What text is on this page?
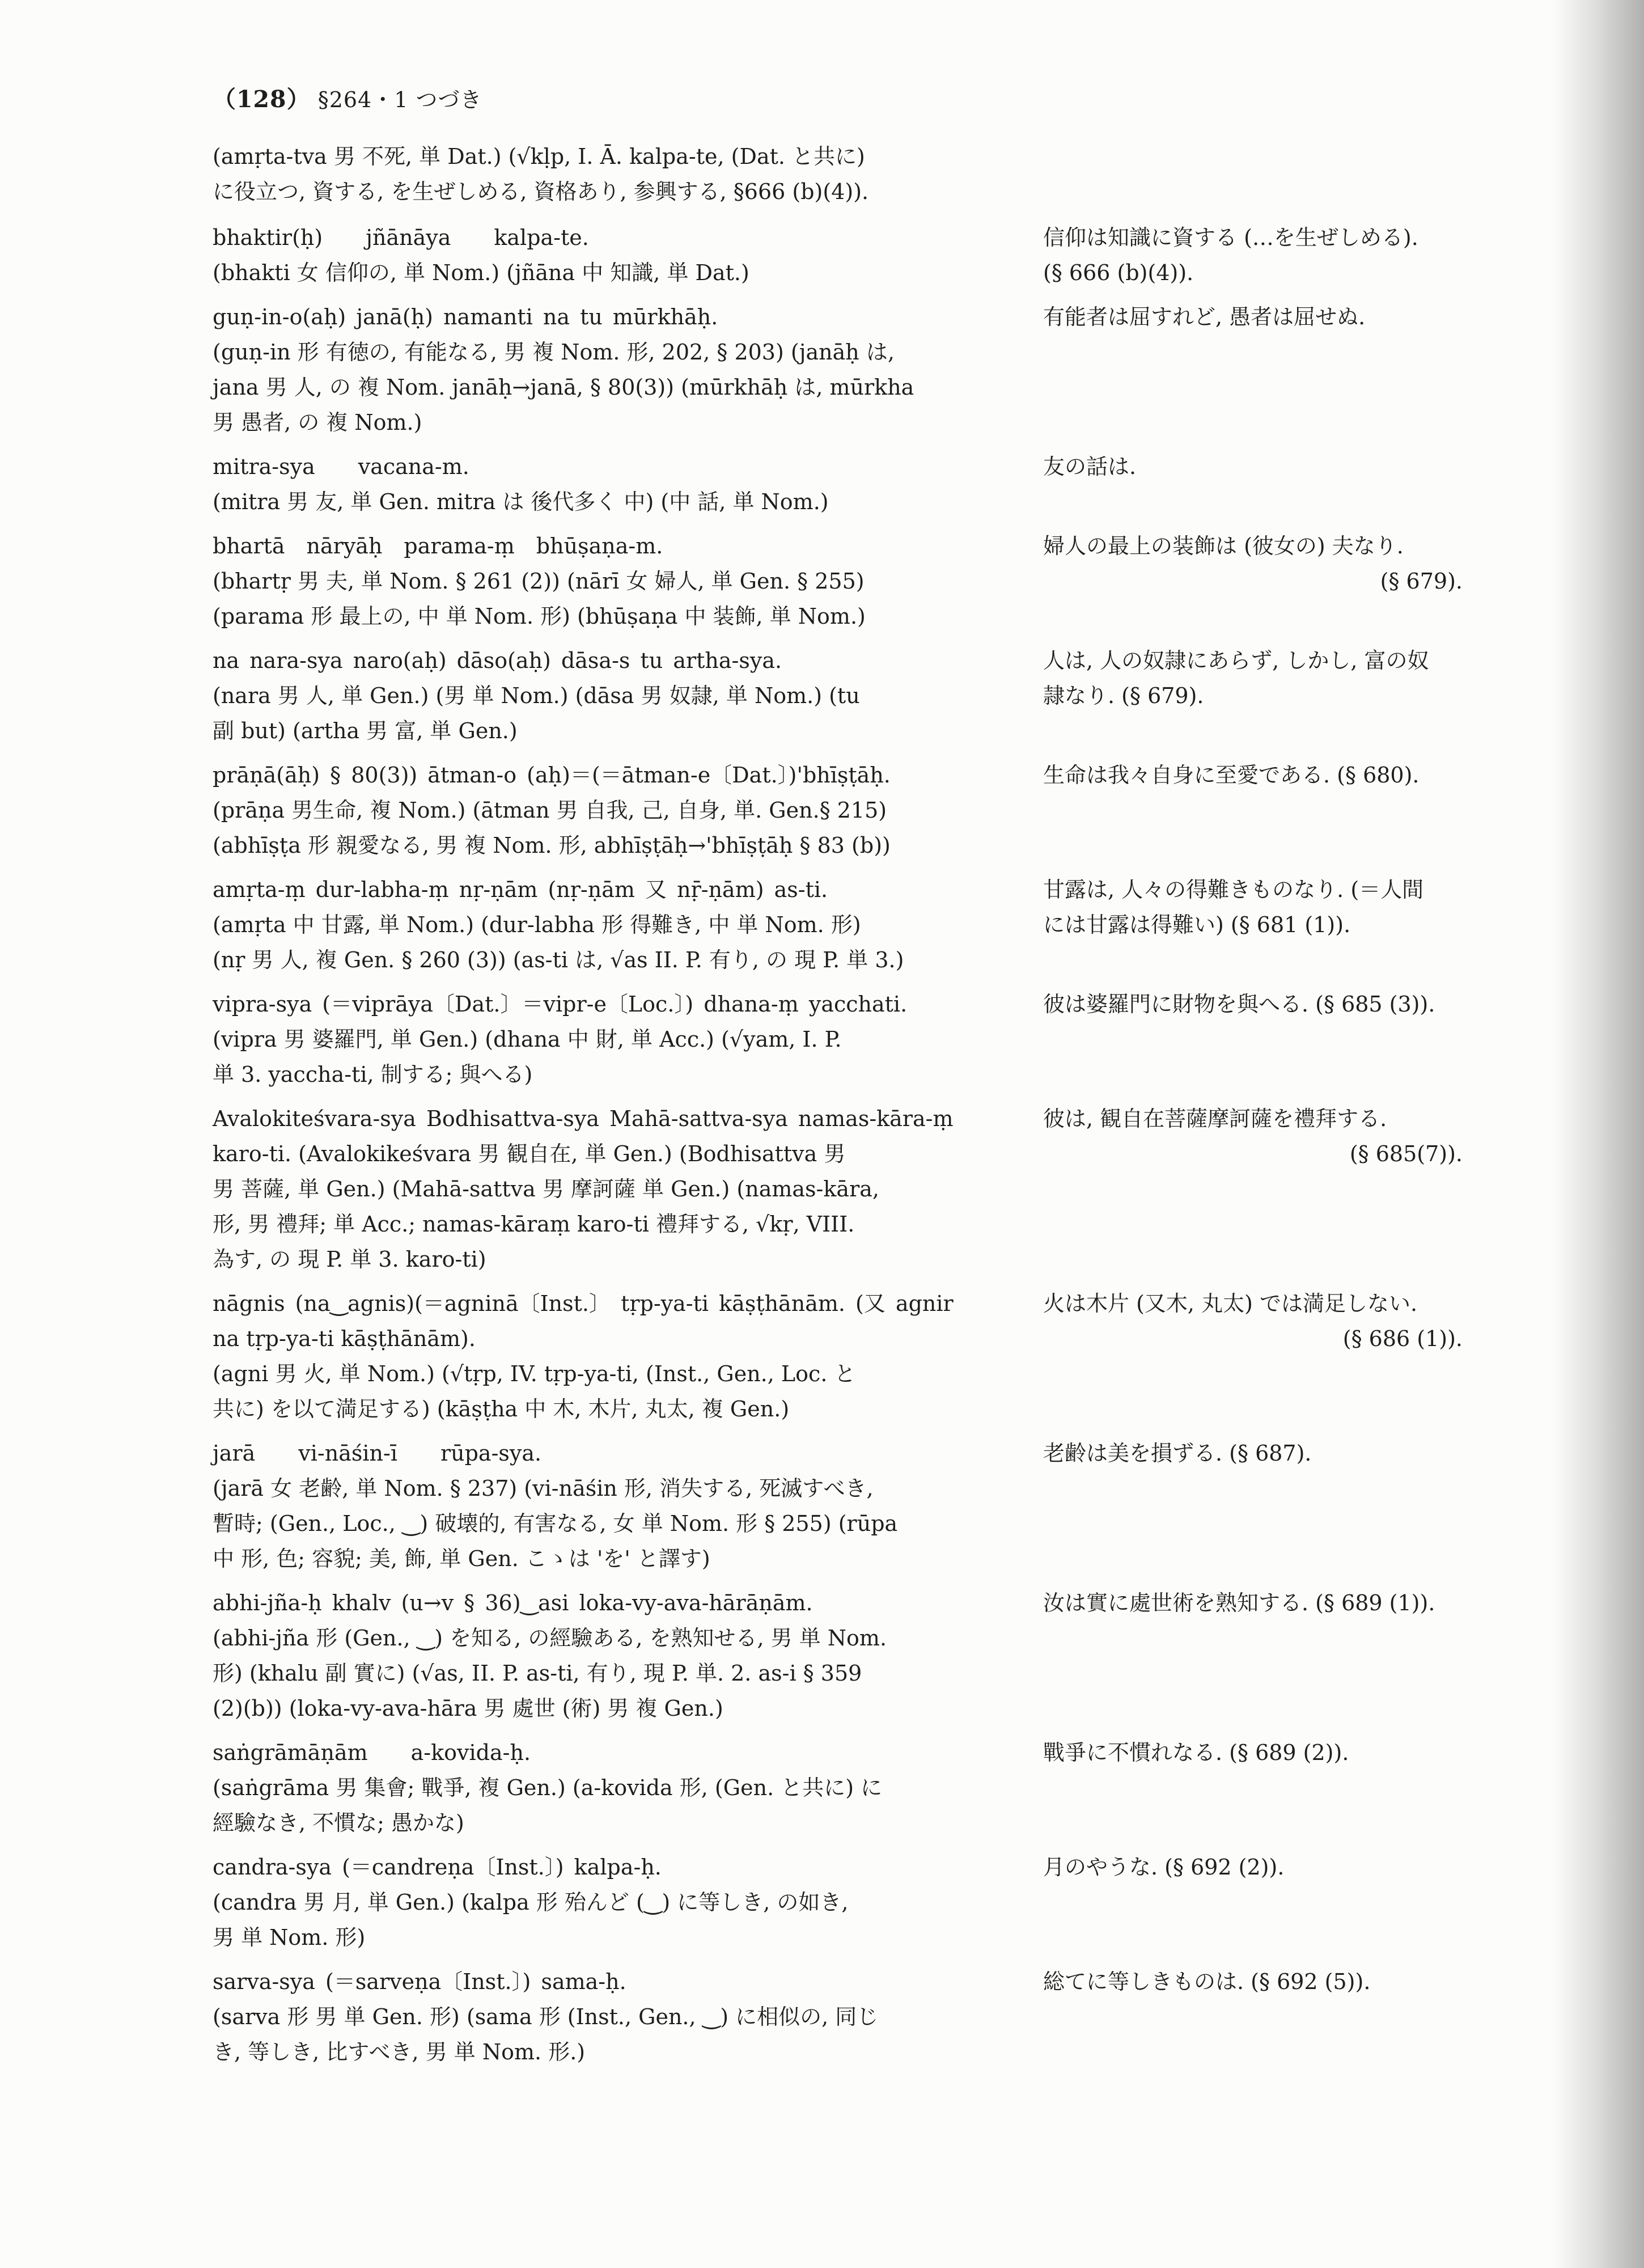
（128） §264・1 つづき
(amṛta-tva 男 不死, 単 Dat.) (√kḷp, I. Ā. kalpa-te, (Dat. と共に)
に役立つ, 資する, を生ぜしめる, 資格あり, 参興する, §666 (b)(4)).
bhaktir(ḥ)　　jñānāya　　kalpa-te.
(bhakti 女 信仰の, 単 Nom.) (jñāna 中 知識, 単 Dat.)
信仰は知識に資する (…を生ぜしめる).
(§ 666 (b)(4)).
guṇ-in-o(aḥ) janā(ḥ) namanti na tu mūrkhāḥ.
(guṇ-in 形 有徳の, 有能なる, 男 複 Nom. 形, 202, § 203) (janāḥ は,
jana 男 人, の 複 Nom. janāḥ→janā, § 80(3)) (mūrkhāḥ は, mūrkha
男 愚者, の 複 Nom.)
有能者は屈すれど, 愚者は屈せぬ.
mitra-sya　　vacana-m.
(mitra 男 友, 単 Gen. mitra は 後代多く 中) (中 話, 単 Nom.)
友の話は.
bhartā　nāryāḥ　parama-ṃ　bhūṣaṇa-m.
(bhartṛ 男 夫, 単 Nom. § 261 (2)) (nārī 女 婦人, 単 Gen. § 255)
(parama 形 最上の, 中 単 Nom. 形) (bhūṣaṇa 中 装飾, 単 Nom.)
婦人の最上の装飾は (彼女の) 夫なり.
(§ 679).
na nara-sya naro(aḥ) dāso(aḥ) dāsa-s tu artha-sya.
(nara 男 人, 単 Gen.) (男 単 Nom.) (dāsa 男 奴隷, 単 Nom.) (tu
副 but) (artha 男 富, 単 Gen.)
人は, 人の奴隷にあらず, しかし, 富の奴
隷なり. (§ 679).
prāṇā(āḥ) § 80(3)) ātman-o (aḥ)＝(＝ātman-e〔Dat.〕)'bhīṣṭāḥ.
(prāṇa 男生命, 複 Nom.) (ātman 男 自我, 己, 自身, 単. Gen.§ 215)
(abhīṣṭa 形 親愛なる, 男 複 Nom. 形, abhīṣṭāḥ→'bhīṣṭāḥ § 83 (b))
生命は我々自身に至愛である. (§ 680).
amṛta-ṃ dur-labha-ṃ nṛ-ṇām (nṛ-ṇām 又 nṝ-ṇām) as-ti.
(amṛta 中 甘露, 単 Nom.) (dur-labha 形 得難き, 中 単 Nom. 形)
(nṛ 男 人, 複 Gen. § 260 (3)) (as-ti は, √as II. P. 有り, の 現 P. 単 3.)
甘露は, 人々の得難きものなり. (＝人間
には甘露は得難い) (§ 681 (1)).
vipra-sya (＝viprāya〔Dat.〕＝vipr-e〔Loc.〕) dhana-ṃ yacchati.
(vipra 男 婆羅門, 単 Gen.) (dhana 中 財, 単 Acc.) (√yam, I. P.
単 3. yaccha-ti, 制する; 與へる)
彼は婆羅門に財物を與へる. (§ 685 (3)).
Avalokiteśvara-sya Bodhisattva-sya Mahā-sattva-sya namas-kāra-ṃ
karo-ti. (Avalokikeśvara 男 観自在, 単 Gen.) (Bodhisattva 男
男 菩薩, 単 Gen.) (Mahā-sattva 男 摩訶薩 単 Gen.) (namas-kāra,
形, 男 禮拜; 単 Acc.; namas-kāraṃ karo-ti 禮拜する, √kṛ, VIII.
為す, の 現 P. 単 3. karo-ti)
彼は, 観自在菩薩摩訶薩を禮拜する.
(§ 685(7)).
nāgnis (na‿agnis)(＝agninā〔Inst.〕 tṛp-ya-ti kāṣṭhānām. (又 agnir
na tṛp-ya-ti kāṣṭhānām).
(agni 男 火, 単 Nom.) (√tṛp, IV. tṛp-ya-ti, (Inst., Gen., Loc. と
共に) を以て満足する) (kāṣṭha 中 木, 木片, 丸太, 複 Gen.)
火は木片 (又木, 丸太) では満足しない.
(§ 686 (1)).
jarā　　vi-nāśin-ī　　rūpa-sya.
(jarā 女 老齢, 単 Nom. § 237) (vi-nāśin 形, 消失する, 死滅すべき,
暫時; (Gen., Loc., ‿) 破壊的, 有害なる, 女 単 Nom. 形 § 255) (rūpa
中 形, 色; 容貌; 美, 飾, 単 Gen. こゝは 'を' と譯す)
老齢は美を損ずる. (§ 687).
abhi-jña-ḥ khalv (u→v § 36)‿asi loka-vy-ava-hārāṇām.
(abhi-jña 形 (Gen., ‿) を知る, の經驗ある, を熟知せる, 男 単 Nom.
形) (khalu 副 實に) (√as, II. P. as-ti, 有り, 現 P. 単. 2. as-i § 359
(2)(b)) (loka-vy-ava-hāra 男 處世 (術) 男 複 Gen.)
汝は實に處世術を熟知する. (§ 689 (1)).
saṅgrāmāṇām　　a-kovida-ḥ.
(saṅgrāma 男 集會; 戰爭, 複 Gen.) (a-kovida 形, (Gen. と共に) に
經驗なき, 不慣な; 愚かな)
戰爭に不慣れなる. (§ 689 (2)).
candra-sya (＝candreṇa〔Inst.〕) kalpa-ḥ.
(candra 男 月, 単 Gen.) (kalpa 形 殆んど (‿) に等しき, の如き,
男 単 Nom. 形)
月のやうな. (§ 692 (2)).
sarva-sya (＝sarveṇa〔Inst.〕) sama-ḥ.
(sarva 形 男 単 Gen. 形) (sama 形 (Inst., Gen., ‿) に相似の, 同じ
き, 等しき, 比すべき, 男 単 Nom. 形.)
総てに等しきものは. (§ 692 (5)).
